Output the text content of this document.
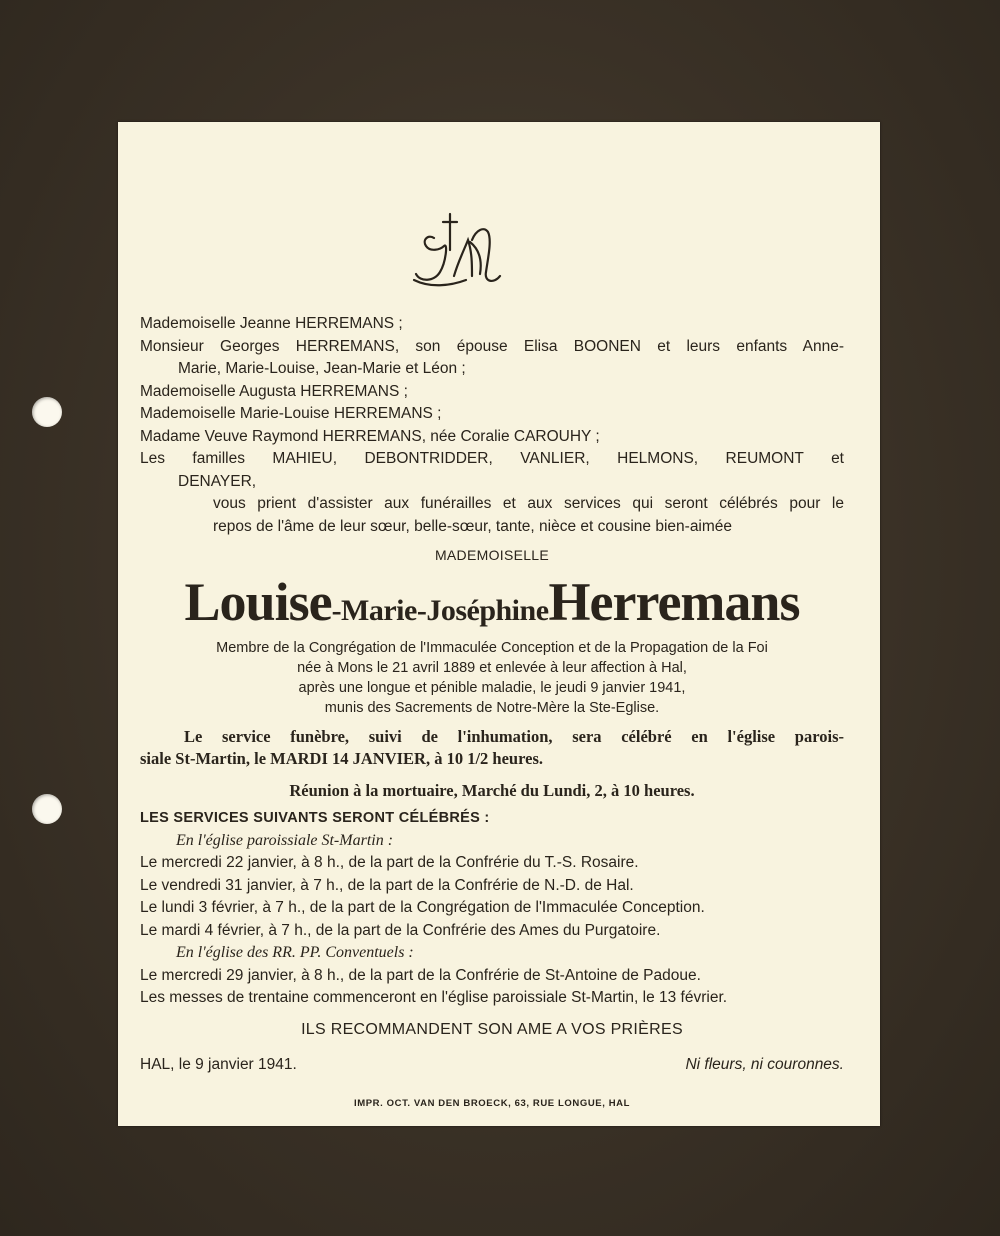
Mademoiselle Jeanne HERREMANS ;
Monsieur Georges HERREMANS, son épouse Elisa BOONEN et leurs enfants Anne-
Marie, Marie-Louise, Jean-Marie et Léon ;
Mademoiselle Augusta HERREMANS ;
Mademoiselle Marie-Louise HERREMANS ;
Madame Veuve Raymond HERREMANS, née Coralie CAROUHY ;
Les familles MAHIEU, DEBONTRIDDER, VANLIER, HELMONS, REUMONT et
DENAYER,
vous prient d'assister aux funérailles et aux services qui seront célébrés pour le
repos de l'âme de leur sœur, belle-sœur, tante, nièce et cousine bien-aimée
MADEMOISELLE
Louise-Marie-JoséphineHerremans
Membre de la Congrégation de l'Immaculée Conception et de la Propagation de la Foi
née à Mons le 21 avril 1889 et enlevée à leur affection à Hal,
après une longue et pénible maladie, le jeudi 9 janvier 1941,
munis des Sacrements de Notre-Mère la Ste-Eglise.
Le service funèbre, suivi de l'inhumation, sera célébré en l'église parois-
siale St-Martin, le MARDI 14 JANVIER, à 10 1/2 heures.
Réunion à la mortuaire, Marché du Lundi, 2, à 10 heures.
LES SERVICES SUIVANTS SERONT CÉLÉBRÉS :
En l'église paroissiale St-Martin :
Le mercredi 22 janvier, à 8 h., de la part de la Confrérie du T.-S. Rosaire.
Le vendredi 31 janvier, à 7 h., de la part de la Confrérie de N.-D. de Hal.
Le lundi 3 février, à 7 h., de la part de la Congrégation de l'Immaculée Conception.
Le mardi 4 février, à 7 h., de la part de la Confrérie des Ames du Purgatoire.
En l'église des RR. PP. Conventuels :
Le mercredi 29 janvier, à 8 h., de la part de la Confrérie de St-Antoine de Padoue.
Les messes de trentaine commenceront en l'église paroissiale St-Martin, le 13 février.
ILS RECOMMANDENT SON AME A VOS PRIÈRES
HAL, le 9 janvier 1941.	Ni fleurs, ni couronnes.
IMPR. OCT. VAN DEN BROECK, 63, RUE LONGUE, HAL
